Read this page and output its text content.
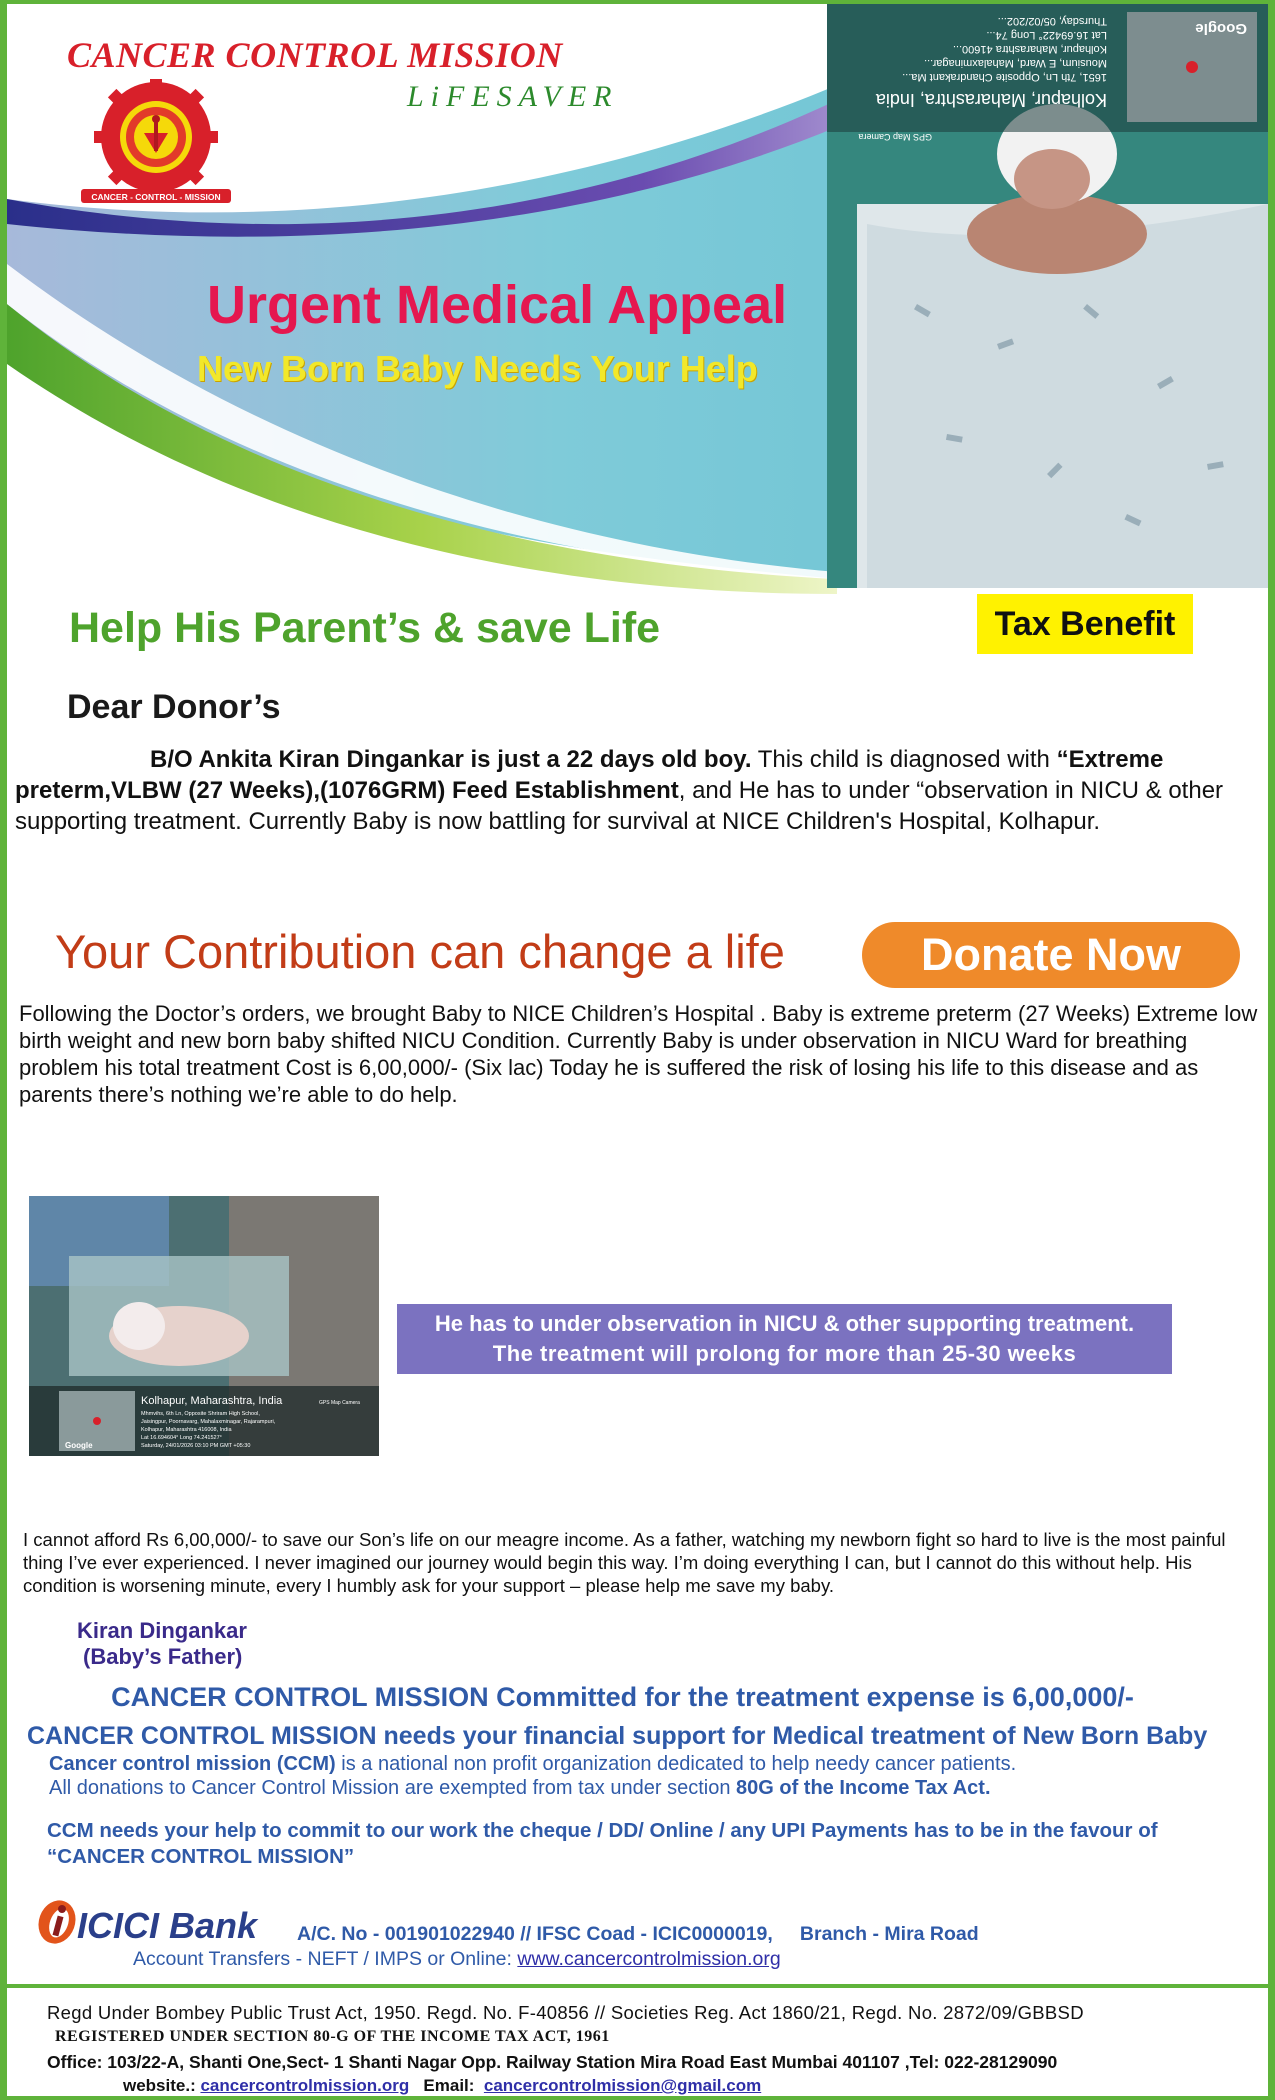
CANCER CONTROL MISSION
LiFESAVER
CANCER - CONTROL - MISSION
Google
Kolhapur, Maharashtra, India
1651, 7th Ln, Opposite Chandrakant Ma...
Mousium, E Ward, Mahalaxminagar...
Kolhapur, Maharashtra 41600...
Lat 16.69422° Long 74...
Thursday, 05/02/202...
GPS Map Camera
Urgent Medical Appeal
New Born Baby Needs Your Help
Help His Parent’s & save Life	Tax Benefit
Dear Donor’s
B/O Ankita Kiran Dingankar is just a 22 days old boy. This child is diagnosed with “Extreme preterm,VLBW (27 Weeks),(1076GRM) Feed Establishment, and He has to under “observation in NICU & other supporting treatment. Currently Baby is now battling for survival at NICE Children's Hospital, Kolhapur.
Your Contribution can change a life	Donate Now
Following the Doctor’s orders, we brought Baby to NICE Children’s Hospital . Baby is extreme preterm (27 Weeks) Extreme low birth weight and new born baby shifted NICU Condition. Currently Baby is under observation in NICU Ward for breathing problem his total treatment Cost is 6,00,000/- (Six lac) Today he is suffered the risk of losing his life to this disease and as parents there’s nothing we’re able to do help.
Kolhapur, Maharashtra, India
Mhmvihs, 6th Ln, Opposite Shriram High School,
Jaisingpur, Poornavarg, Mahalaxminagar, Rajarampuri,
Kolhapur, Maharashtra 416008, India
Lat 16.694604° Long 74.241527°
Saturday, 24/01/2026 03:10 PM GMT +05:30
Google
GPS Map Camera
He has to under observation in NICU & other supporting treatment.
The treatment will prolong for more than 25-30 weeks
I cannot afford Rs 6,00,000/- to save our Son’s life on our meagre income. As a father, watching my newborn fight so hard to live is the most painful thing I’ve ever experienced. I never imagined our journey would begin this way. I’m doing everything I can, but I cannot do this without help. His condition is worsening minute, every I humbly ask for your support – please help me save my baby.
Kiran Dingankar
(Baby’s Father)
CANCER CONTROL MISSION Committed for the treatment expense is 6,00,000/-
CANCER CONTROL MISSION needs your financial support for Medical treatment of New Born Baby
Cancer control mission (CCM) is a national non profit organization dedicated to help needy cancer patients.
All donations to Cancer Control Mission are exempted from tax under section 80G of the Income Tax Act.
CCM needs your help to commit to our work the cheque / DD/ Online / any UPI Payments has to be in the favour of “CANCER CONTROL MISSION”
ICICI Bank A/C. No - 001901022940 // IFSC Coad - ICIC0000019, Branch - Mira Road
Account Transfers - NEFT / IMPS or Online: www.cancercontrolmission.org
Regd Under Bombey Public Trust Act, 1950. Regd. No. F-40856 // Societies Reg. Act 1860/21, Regd. No. 2872/09/GBBSD
REGISTERED UNDER SECTION 80-G OF THE INCOME TAX ACT, 1961
Office: 103/22-A, Shanti One,Sect- 1 Shanti Nagar Opp. Railway Station Mira Road East Mumbai 401107 ,Tel: 022-28129090
website.: cancercontrolmission.org   Email:  cancercontrolmission@gmail.com
